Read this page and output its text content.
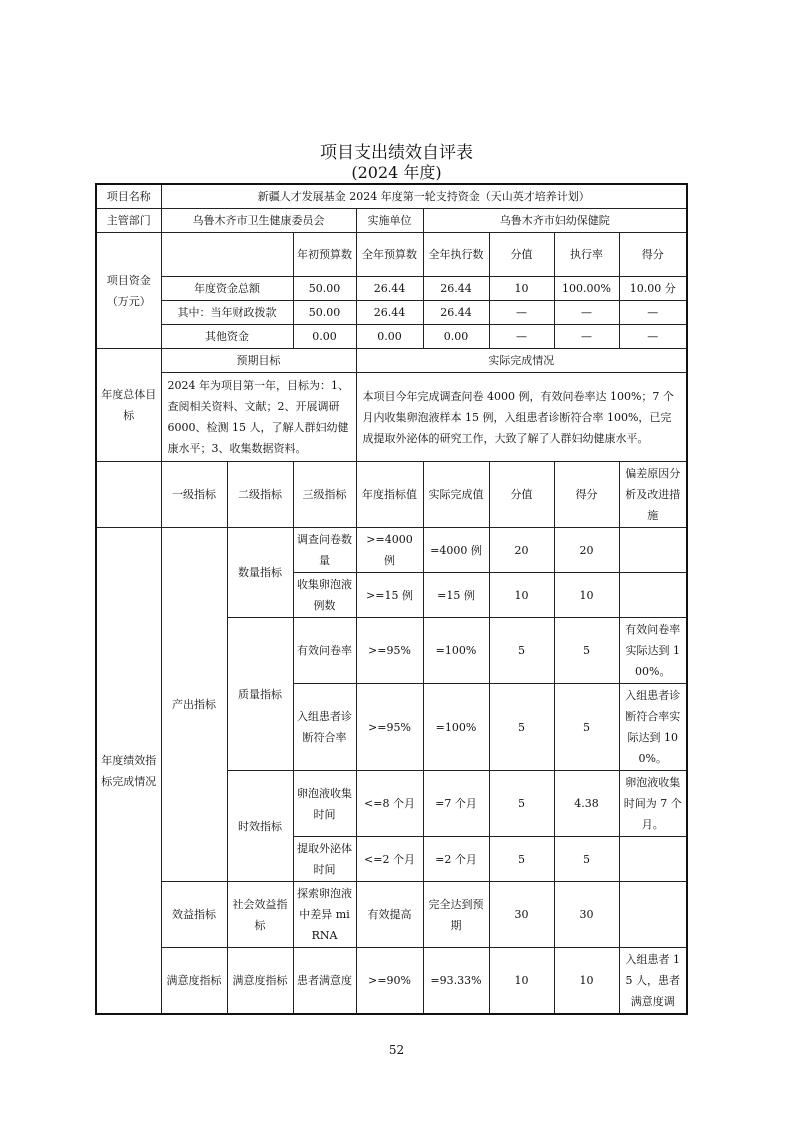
项目支出绩效自评表
(2024 年度)
项目名称	新疆人才发展基金 2024 年度第一轮支持资金（天山英才培养计划）							
主管部门	乌鲁木齐市卫生健康委员会			实施单位	乌鲁木齐市妇幼保健院			
项目资金（万元）			年初预算数	全年预算数	全年执行数	分值	执行率	得分
	年度资金总额		50.00	26.44	26.44	10	100.00%	10.00 分
	其中：当年财政拨款		50.00	26.44	26.44	—	—	—
	其他资金		0.00	0.00	0.00	—	—	—
年度总体目标	预期目标			实际完成情况				
	2024 年为项目第一年，目标为：1、查阅相关资料、文献；2、开展调研 6000、检测 15 人，了解人群妇幼健康水平；3、收集数据资料。			本项目今年完成调查问卷 4000 例，有效问卷率达 100%；7 个月内收集卵泡液样本 15 例，入组患者诊断符合率 100%，已完成提取外泌体的研究工作，大致了解了人群妇幼健康水平。				
	一级指标	二级指标	三级指标	年度指标值	实际完成值	分值	得分	偏差原因分析及改进措施
年度绩效指标完成情况	产出指标	数量指标	调查问卷数量	>=4000 例	=4000 例	20	20	
			收集卵泡液例数	>=15 例	=15 例	10	10	
		质量指标	有效问卷率	>=95%	=100%	5	5	有效问卷率实际达到 100%。
			入组患者诊断符合率	>=95%	=100%	5	5	入组患者诊断符合率实际达到 100%。
		时效指标	卵泡液收集时间	<=8 个月	=7 个月	5	4.38	卵泡液收集时间为 7 个月。
			提取外泌体时间	<=2 个月	=2 个月	5	5	
	效益指标	社会效益指标	探索卵泡液中差异 miRNA	有效提高	完全达到预期	30	30	
	满意度指标	满意度指标	患者满意度	>=90%	=93.33%	10	10	入组患者 15 人，患者满意度调
52
